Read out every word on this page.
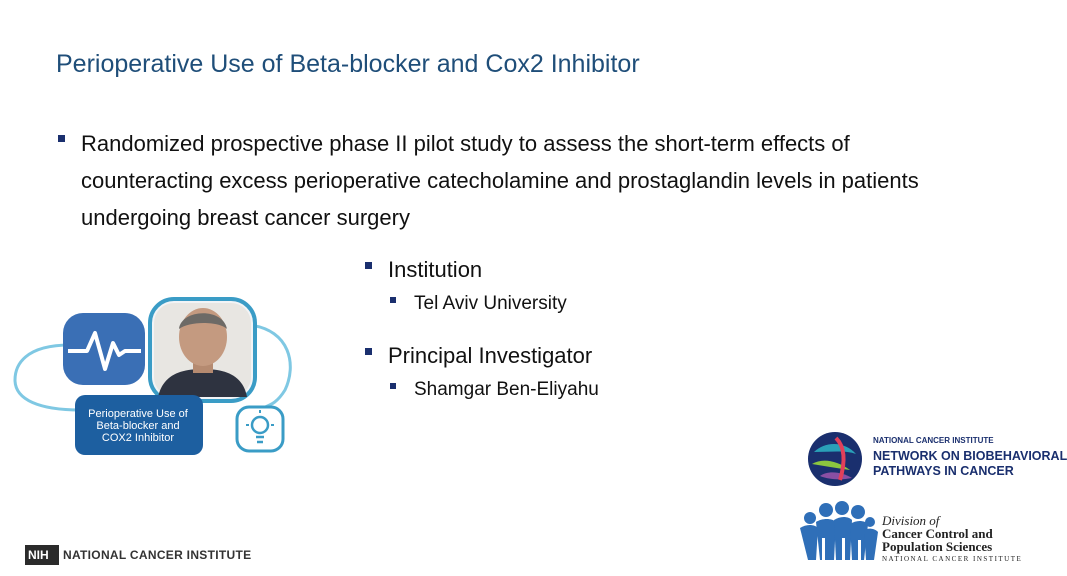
Perioperative Use of Beta-blocker and Cox2 Inhibitor
Randomized prospective phase II pilot study to assess the short-term effects of counteracting excess perioperative catecholamine and prostaglandin levels in patients undergoing breast cancer surgery
Institution
Tel Aviv University
Principal Investigator
Shamgar Ben-Eliyahu
Perioperative Use of Beta-blocker and COX2 Inhibitor
NIH	NATIONAL CANCER INSTITUTE
NATIONAL CANCER INSTITUTE
NETWORK ON BIOBEHAVIORAL
PATHWAYS IN CANCER
Division of
Cancer Control and
Population Sciences
NATIONAL CANCER INSTITUTE
